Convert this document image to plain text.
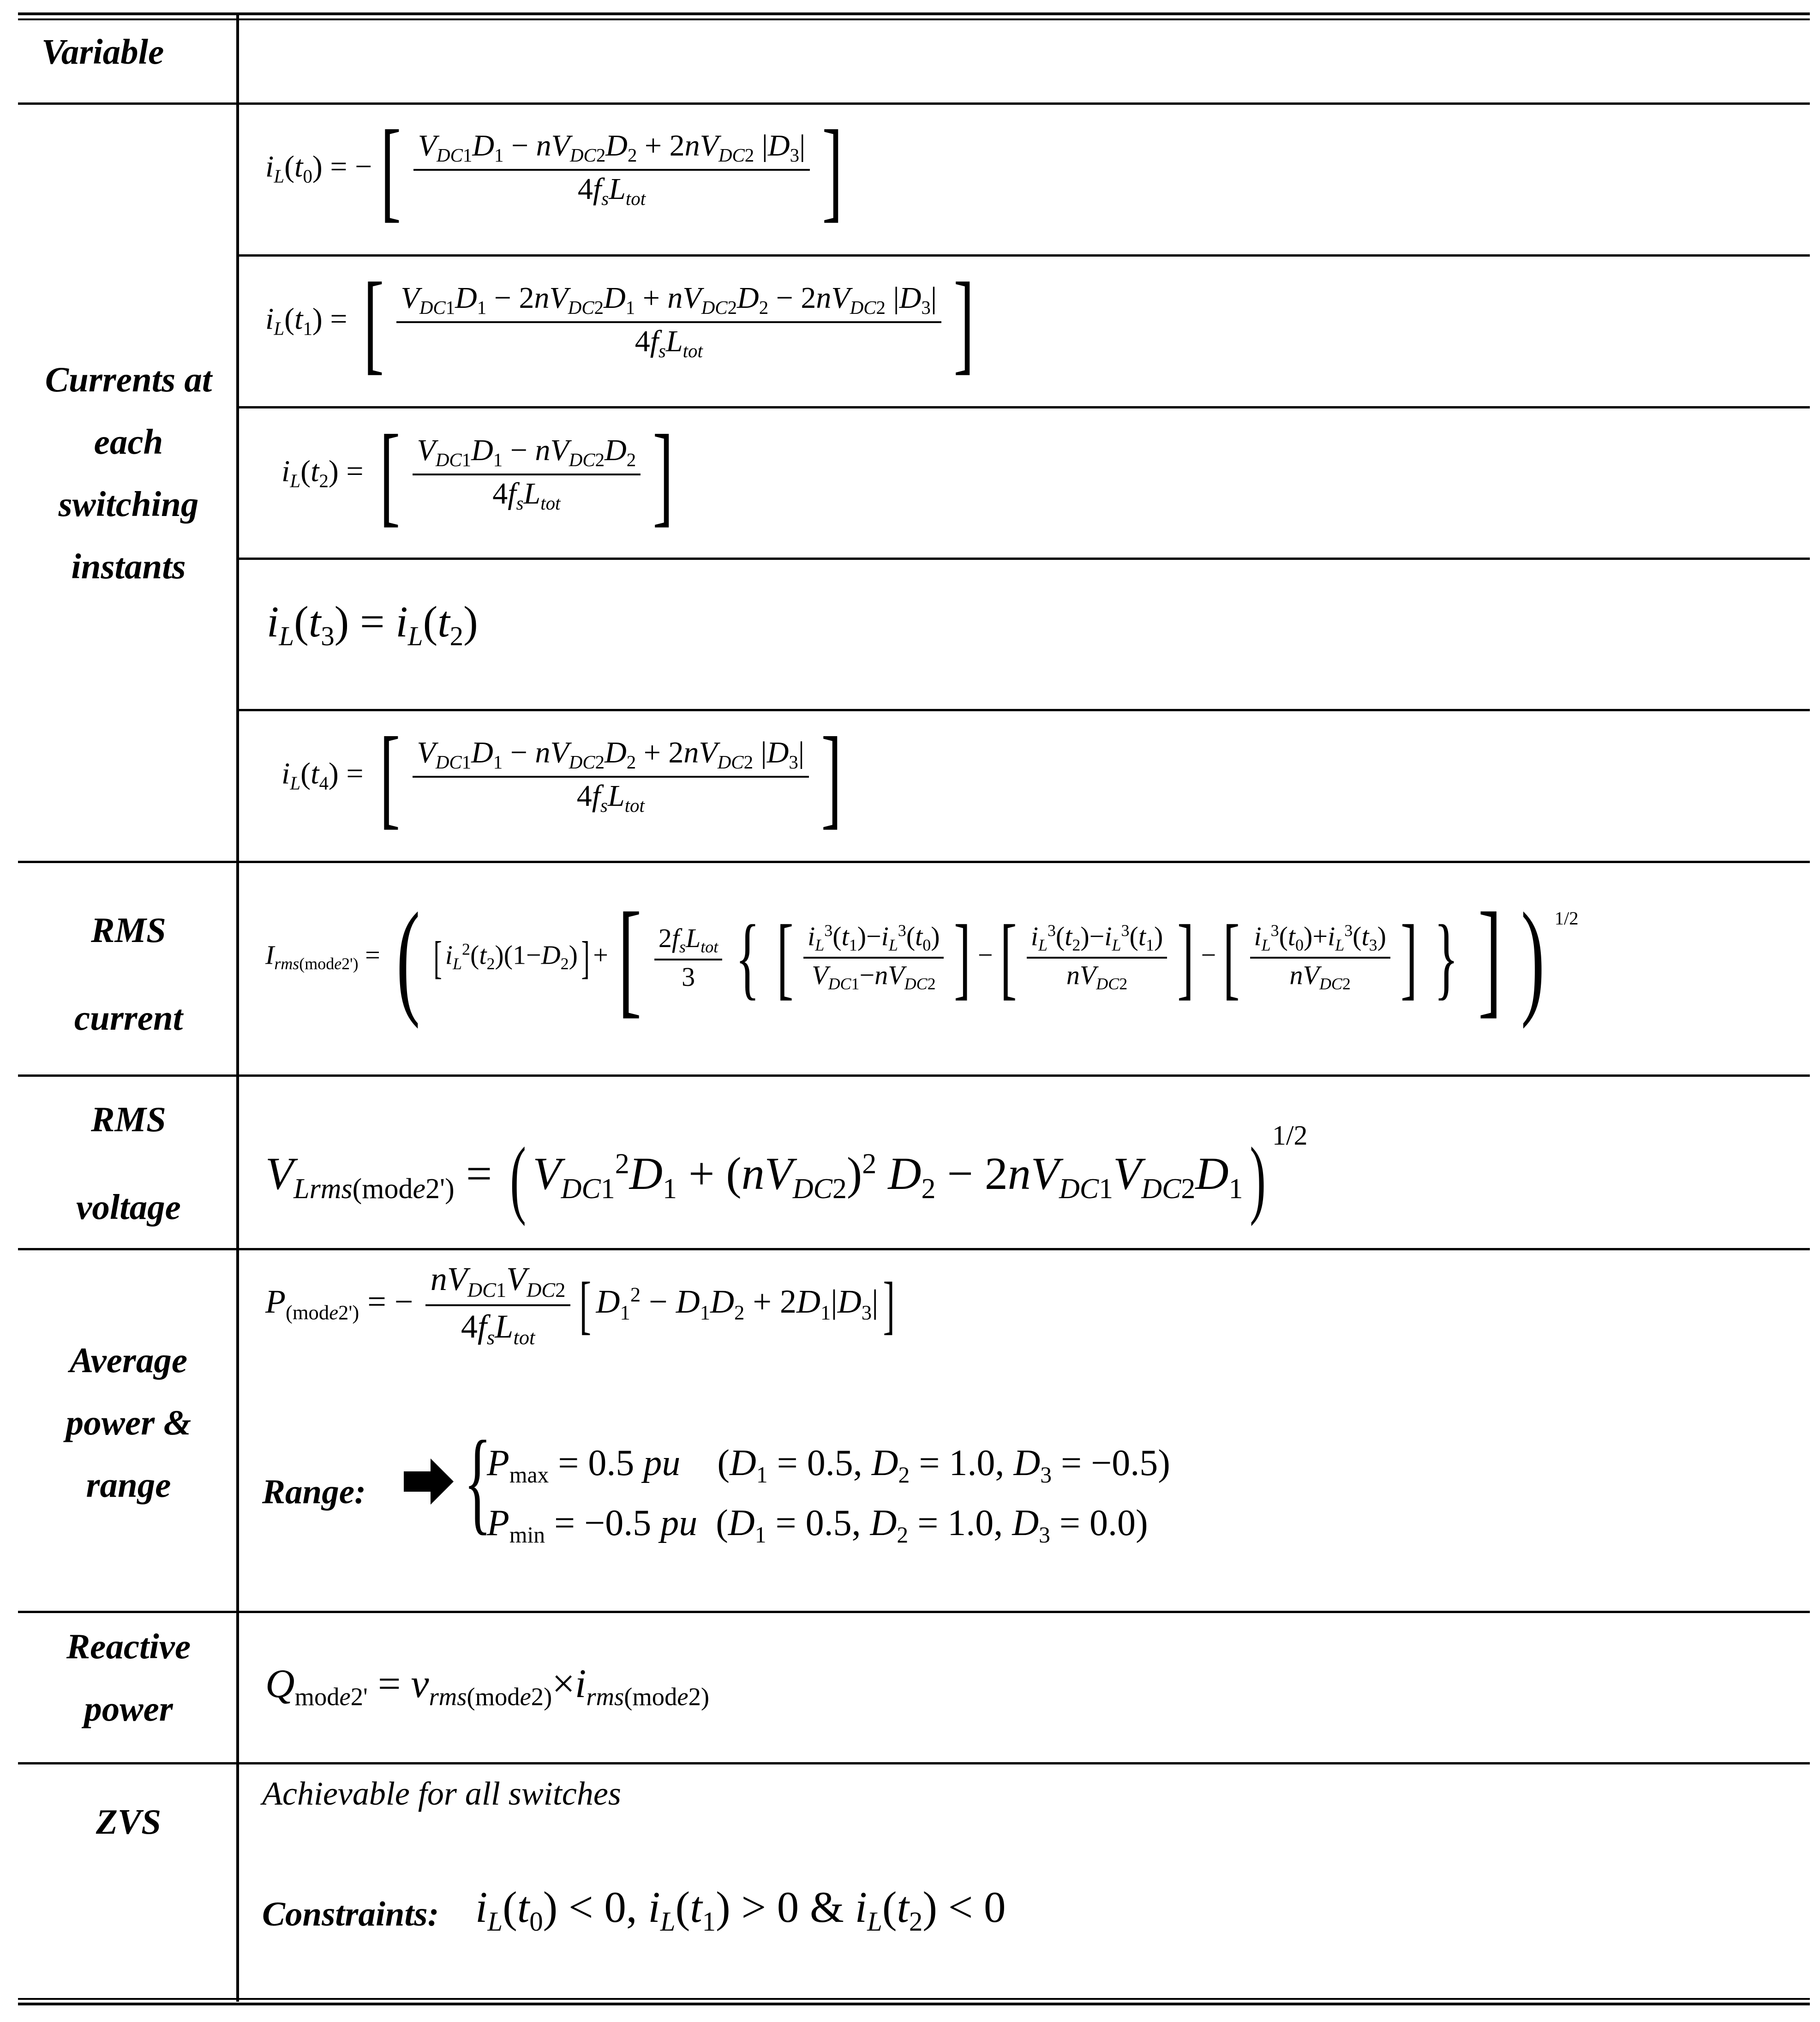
Variable
Currents at
each
switching
instants
$i_L(t_0)$ = −[ $\frac{V_{DC1}D_1 - nV_{DC2}D_2 + 2nV_{DC2} |D_3|}{4f_sL_{tot}}$ ]
$i_L(t_1)$ = [ $\frac{V_{DC1}D_1 - 2nV_{DC2}D_1 + nV_{DC2}D_2 - 2nV_{DC2} |D_3|}{4f_sL_{tot}}$ ]
$i_L(t_2)$ = [ $\frac{V_{DC1}D_1 - nV_{DC2}D_2}{4f_sL_{tot}}$ ]
$i_L(t_3) = i_L(t_2)$
$i_L(t_4)$ = [ $\frac{V_{DC1}D_1 - nV_{DC2}D_2 + 2nV_{DC2} |D_3|}{4f_sL_{tot}}$ ]
RMS
current
$I_{rms(mode2')}$ = ( [ $i_L^2(t_2)(1-D_2)$] +[ $\frac{2f_sL_{tot}}{3}$ { [ $\frac{i_L^3(t_1)-i_L^3(t_0)}{V_{DC1}-nV_{DC2}}$ ] −[ $\frac{i_L^3(t_2)-i_L^3(t_1)}{nV_{DC2}}$ ] −[ $\frac{i_L^3(t_0)+i_L^3(t_3)}{nV_{DC2}}$ ] } ] ) $^{1/2}$
RMS
voltage
$V_{Lrms(mode2')}$ = ( $V_{DC1}^2D_1 + (nV_{DC2})^2$ $D_2 - 2nV_{DC1}V_{DC2}D_1$) $^{1/2}$
Average
power &
range
$P_{(mode2')}$ = − $\frac{nV_{DC1}V_{DC2}}{4f_sL_{tot}}$ [ $D_1^2 - D_1D_2 + 2D_1|D_3|$]
Range: {
$P_{max} = 0.5$ pu    ($D_1 = 0.5$, $D_2 = 1.0$, $D_3 = -0.5$)
$P_{min} = -0.5$ pu  ($D_1 = 0.5$, $D_2 = 1.0$, $D_3 = 0.0$)
Reactive
power
$Q_{mode2'} = v_{rms(mode2)}\times i_{rms(mode2)}$
ZVS
Achievable for all switches
Constraints: $i_L(t_0) < 0$, $i_L(t_1) > 0$ & $i_L(t_2) < 0$
